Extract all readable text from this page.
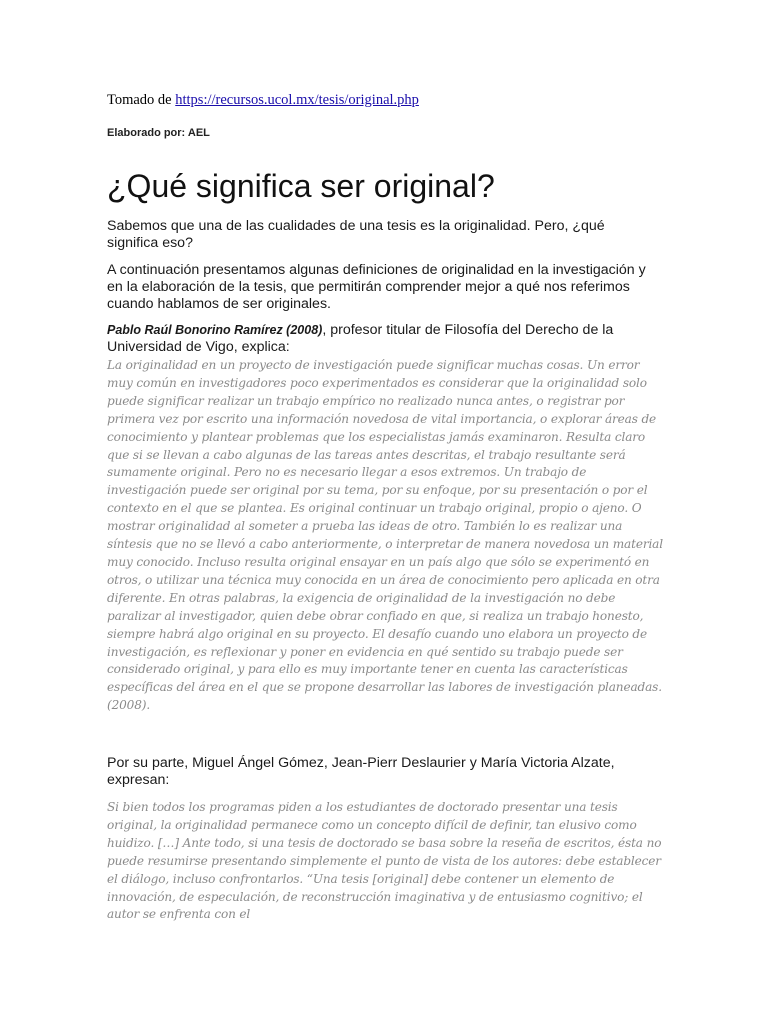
Tomado de https://recursos.ucol.mx/tesis/original.php
Elaborado por: AEL
¿Qué significa ser original?

Sabemos que una de las cualidades de una tesis es la originalidad. Pero, ¿qué significa eso?

A continuación presentamos algunas definiciones de originalidad en la investigación y en la elaboración de la tesis, que permitirán comprender mejor a qué nos referimos cuando hablamos de ser originales.

Pablo Raúl Bonorino Ramírez (2008), profesor titular de Filosofía del Derecho de la Universidad de Vigo, explica:

La originalidad en un proyecto de investigación puede significar muchas cosas. Un error muy común en investigadores poco experimentados es considerar que la originalidad solo puede significar realizar un trabajo empírico no realizado nunca antes, o registrar por primera vez por escrito una información novedosa de vital importancia, o explorar áreas de conocimiento y plantear problemas que los especialistas jamás examinaron. Resulta claro que si se llevan a cabo algunas de las tareas antes descritas, el trabajo resultante será sumamente original. Pero no es necesario llegar a esos extremos. Un trabajo de investigación puede ser original por su tema, por su enfoque, por su presentación o por el contexto en el que se plantea. Es original continuar un trabajo original, propio o ajeno. O mostrar originalidad al someter a prueba las ideas de otro. También lo es realizar una síntesis que no se llevó a cabo anteriormente, o interpretar de manera novedosa un material muy conocido. Incluso resulta original ensayar en un país algo que sólo se experimentó en otros, o utilizar una técnica muy conocida en un área de conocimiento pero aplicada en otra diferente. En otras palabras, la exigencia de originalidad de la investigación no debe paralizar al investigador, quien debe obrar confiado en que, si realiza un trabajo honesto, siempre habrá algo original en su proyecto. El desafío cuando uno elabora un proyecto de investigación, es reflexionar y poner en evidencia en qué sentido su trabajo puede ser considerado original, y para ello es muy importante tener en cuenta las características específicas del área en el que se propone desarrollar las labores de investigación planeadas. (2008).

Por su parte, Miguel Ángel Gómez, Jean-Pierr Deslaurier y María Victoria Alzate, expresan:

Si bien todos los programas piden a los estudiantes de doctorado presentar una tesis original, la originalidad permanece como un concepto difícil de definir, tan elusivo como huidizo. […] Ante todo, si una tesis de doctorado se basa sobre la reseña de escritos, ésta no puede resumirse presentando simplemente el punto de vista de los autores: debe establecer el diálogo, incluso confrontarlos. “Una tesis [original] debe contener un elemento de innovación, de especulación, de reconstrucción imaginativa y de entusiasmo cognitivo; el autor se enfrenta con el
